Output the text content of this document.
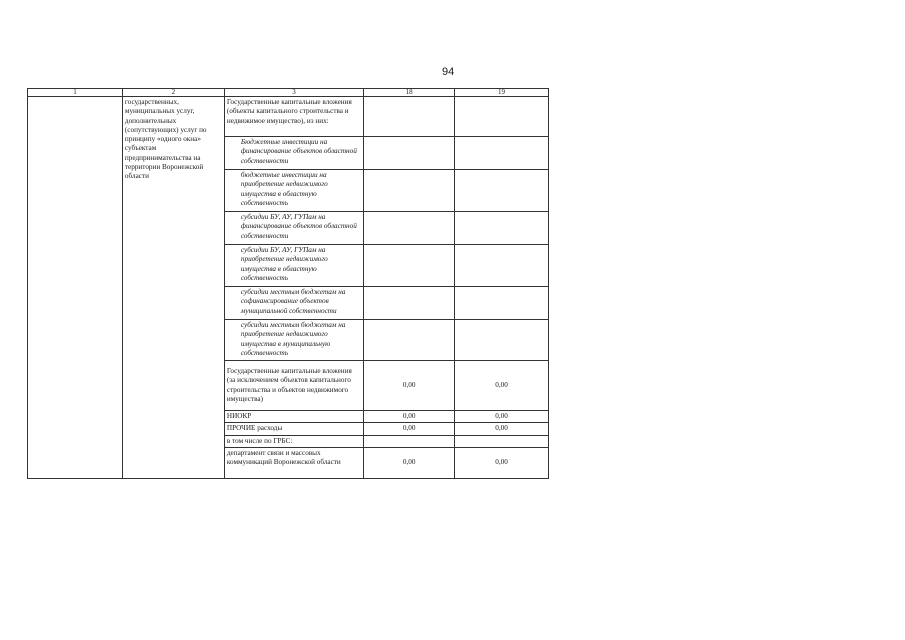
94
1	2	3	18	19
	государственных, муниципальных услуг, дополнительных (сопутствующих) услуг по принципу «одного окна» субъектам предпринимательства на территории Воронежской области	Государственные капитальные вложения (объекты капитального строительства и недвижимое имущество), из них:		
		Бюджетные инвестиции на финансирование объектов областной собственности		
		бюджетные инвестиции на приобретение недвижимого имущества в областную собственность		
		субсидии БУ, АУ, ГУПам на финансирование объектов областной собственности		
		субсидии БУ, АУ, ГУПам на приобретение недвижимого имущества в областную собственность		
		субсидии местным бюджетам на софинансирование объектов муниципальной собственности		
		субсидии местным бюджетам на приобретение недвижимого имущества в муниципальную собственность		
		Государственные капитальные вложения (за исключением объектов капитального строительства и объектов недвижимого имущества)	0,00	0,00
		НИОКР	0,00	0,00
		ПРОЧИЕ расходы	0,00	0,00
		в том числе по ГРБС:		
		департамент связи и массовых коммуникаций Воронежской области	0,00	0,00
